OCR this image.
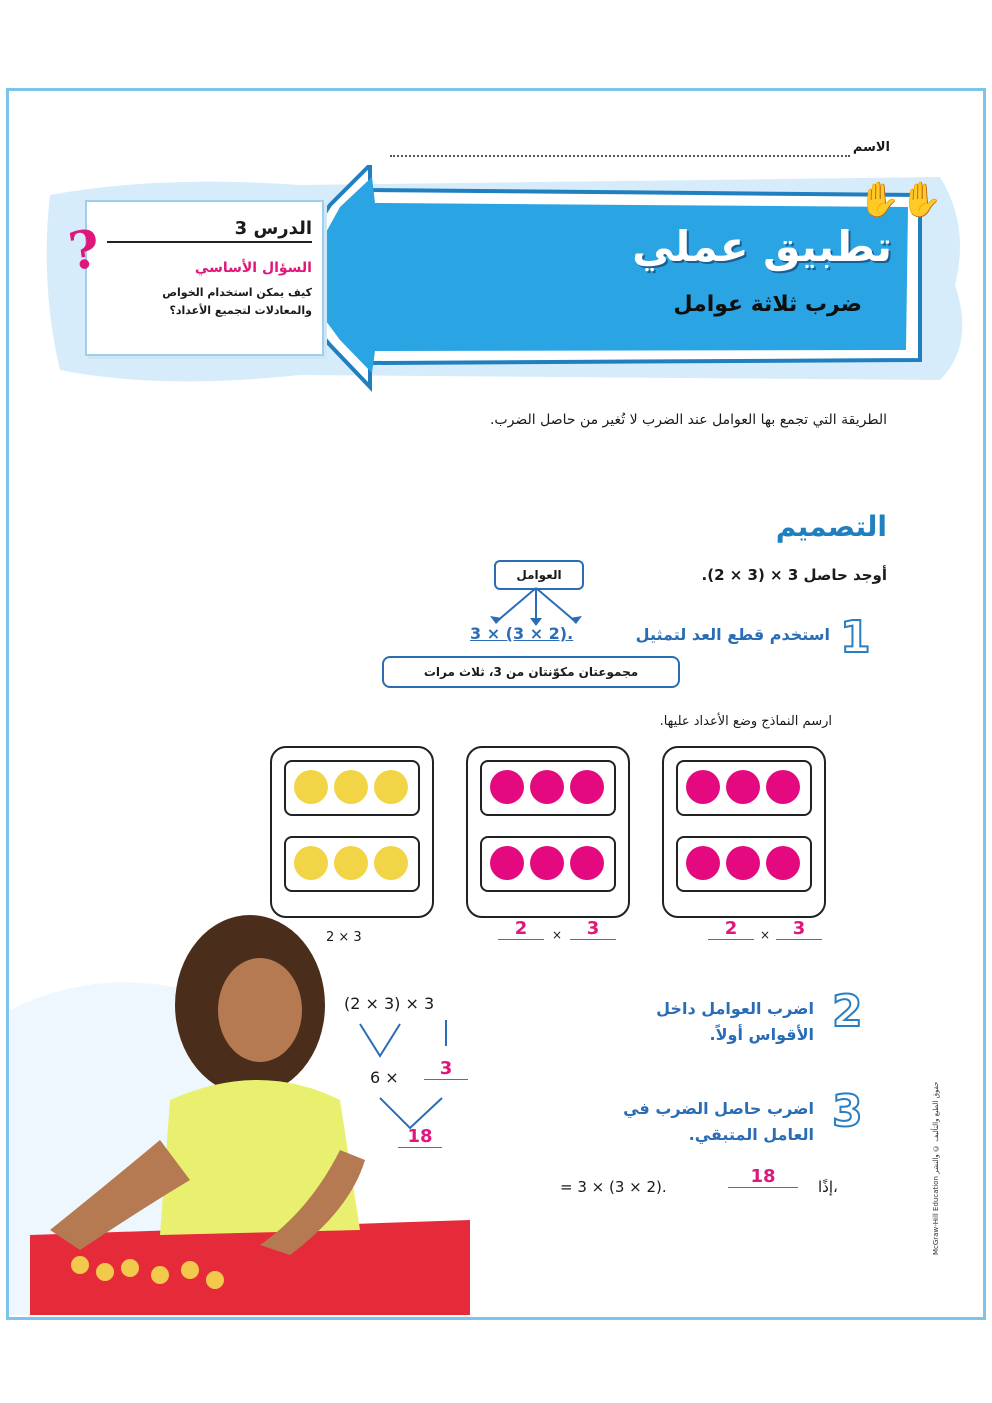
الاسم
✋✋
تطبيق عملي
ضرب ثلاثة عوامل
الدرس 3
السؤال الأساسي
كيف يمكن استخدام الخواص والمعادلات لتجميع الأعداد؟
?
الطريقة التي تجمع بها العوامل عند الضرب لا تُغير من حاصل الضرب.
التصميم
أوجد حاصل 3 × (3 × 2).
العوامل
1
استخدم قطع العد لتمثيل
3 × (3 × 2).
مجموعتان مكوّنتان من 3، ثلاث مرات
ارسم النماذج وضع الأعداد عليها.
2	×	3
2	×	3
2 × 3
(2 × 3) × 3
6 ×	3
18
2
اضرب العوامل داخل الأقواس أولاً.
3
اضرب حاصل الضرب في العامل المتبقي.
= 3 × (3 × 2).	18	إذًا،	McGraw-Hill Education حقوق الطبع والتأليف © والنشر
